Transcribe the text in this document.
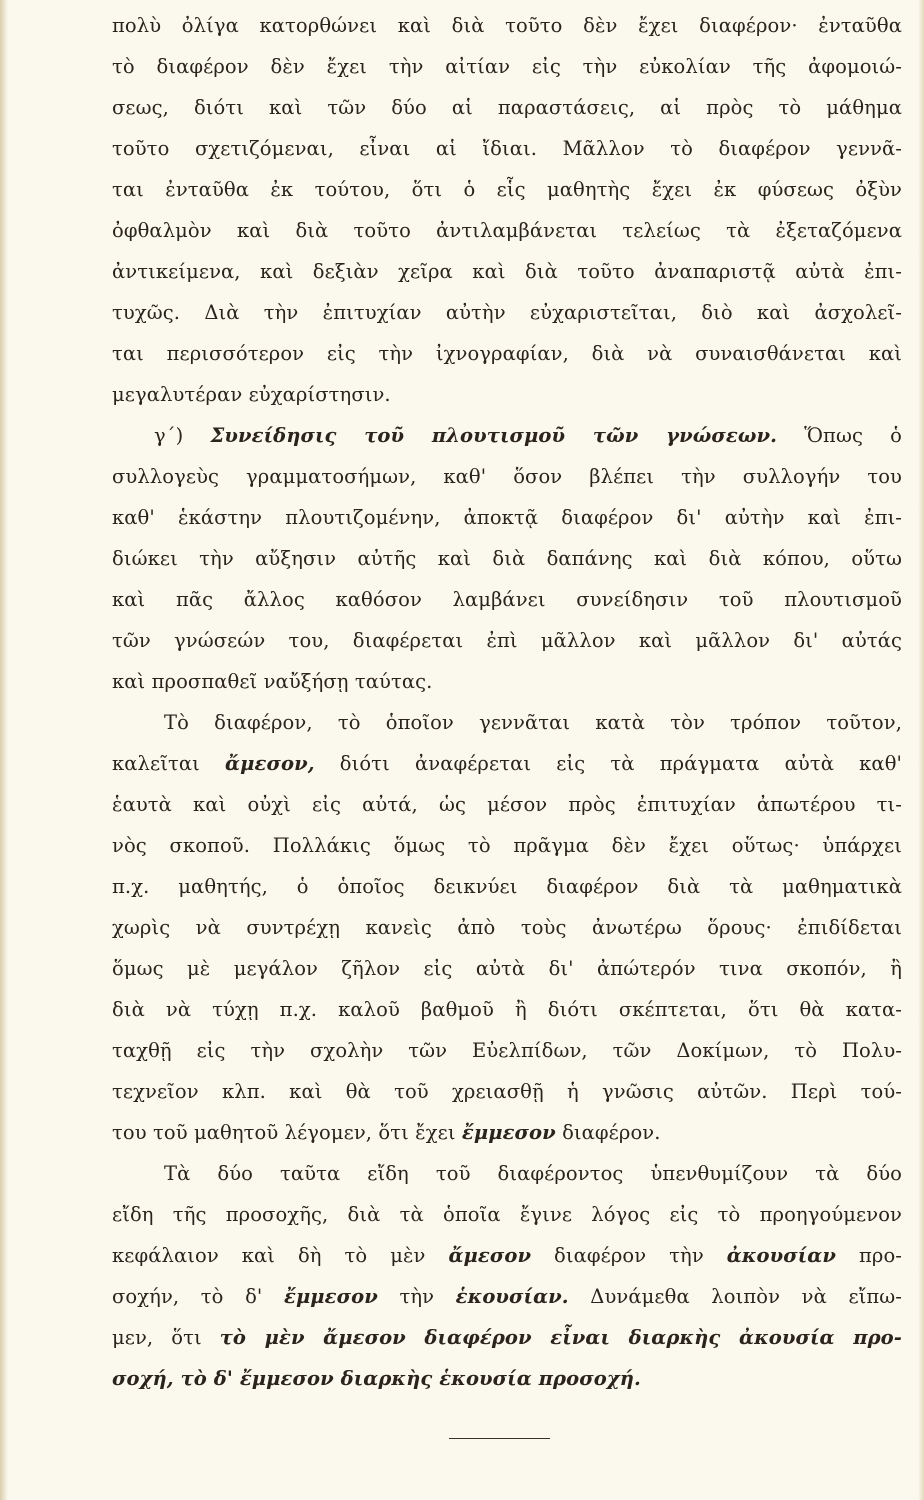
πολὺ ὀλίγα κατορθώνει καὶ διὰ τοῦτο δὲν ἔχει διαφέρον· ἐνταῦθα
τὸ διαφέρον δὲν ἔχει τὴν αἰτίαν εἰς τὴν εὐκολίαν τῆς ἀφομοιώ-
σεως, διότι καὶ τῶν δύο αἱ παραστάσεις, αἱ πρὸς τὸ μάθημα
τοῦτο σχετιζόμεναι, εἶναι αἱ ἴδιαι. Μᾶλλον τὸ διαφέρον γεννᾶ-
ται ἐνταῦθα ἐκ τούτου, ὅτι ὁ εἷς μαθητὴς ἔχει ἐκ φύσεως ὀξὺν
ὀφθαλμὸν καὶ διὰ τοῦτο ἀντιλαμβάνεται τελείως τὰ ἐξεταζόμενα
ἀντικείμενα, καὶ δεξιὰν χεῖρα καὶ διὰ τοῦτο ἀναπαριστᾷ αὐτὰ ἐπι-
τυχῶς. Διὰ τὴν ἐπιτυχίαν αὐτὴν εὐχαριστεῖται, διὸ καὶ ἀσχολεῖ-
ται περισσότερον εἰς τὴν ἰχνογραφίαν, διὰ νὰ συναισθάνεται καὶ
μεγαλυτέραν εὐχαρίστησιν.
γ΄) Συνείδησις τοῦ πλουτισμοῦ τῶν γνώσεων. Ὅπως ὁ
συλλογεὺς γραμματοσήμων, καθ' ὅσον βλέπει τὴν συλλογήν του
καθ' ἑκάστην πλουτιζομένην, ἀποκτᾷ διαφέρον δι' αὐτὴν καὶ ἐπι-
διώκει τὴν αὔξησιν αὐτῆς καὶ διὰ δαπάνης καὶ διὰ κόπου, οὕτω
καὶ πᾶς ἄλλος καθόσον λαμβάνει συνείδησιν τοῦ πλουτισμοῦ
τῶν γνώσεών του, διαφέρεται ἐπὶ μᾶλλον καὶ μᾶλλον δι' αὐτάς
καὶ προσπαθεῖ ναὔξήσῃ ταύτας.
Τὸ διαφέρον, τὸ ὁποῖον γεννᾶται κατὰ τὸν τρόπον τοῦτον,
καλεῖται ἄμεσον, διότι ἀναφέρεται εἰς τὰ πράγματα αὐτὰ καθ'
ἑαυτὰ καὶ οὐχὶ εἰς αὐτά, ὡς μέσον πρὸς ἐπιτυχίαν ἀπωτέρου τι-
νὸς σκοποῦ. Πολλάκις ὅμως τὸ πρᾶγμα δὲν ἔχει οὕτως· ὑπάρχει
π.χ. μαθητής, ὁ ὁποῖος δεικνύει διαφέρον διὰ τὰ μαθηματικὰ
χωρὶς νὰ συντρέχῃ κανεὶς ἀπὸ τοὺς ἀνωτέρω ὅρους· ἐπιδίδεται
ὅμως μὲ μεγάλον ζῆλον εἰς αὐτὰ δι' ἀπώτερόν τινα σκοπόν, ἢ
διὰ νὰ τύχῃ π.χ. καλοῦ βαθμοῦ ἢ διότι σκέπτεται, ὅτι θὰ κατα-
ταχθῇ εἰς τὴν σχολὴν τῶν Εὐελπίδων, τῶν Δοκίμων, τὸ Πολυ-
τεχνεῖον κλπ. καὶ θὰ τοῦ χρειασθῇ ἡ γνῶσις αὐτῶν. Περὶ τού-
του τοῦ μαθητοῦ λέγομεν, ὅτι ἔχει ἔμμεσον διαφέρον.
Τὰ δύο ταῦτα εἴδη τοῦ διαφέροντος ὑπενθυμίζουν τὰ δύο
εἴδη τῆς προσοχῆς, διὰ τὰ ὁποῖα ἔγινε λόγος εἰς τὸ προηγούμενον
κεφάλαιον καὶ δὴ τὸ μὲν ἄμεσον διαφέρον τὴν ἀκουσίαν προ-
σοχήν, τὸ δ' ἔμμεσον τὴν ἑκουσίαν. Δυνάμεθα λοιπὸν νὰ εἴπω-
μεν, ὅτι τὸ μὲν ἄμεσον διαφέρον εἶναι διαρκὴς ἀκουσία προ-
σοχή, τὸ δ' ἔμμεσον διαρκὴς ἑκουσία προσοχή.
